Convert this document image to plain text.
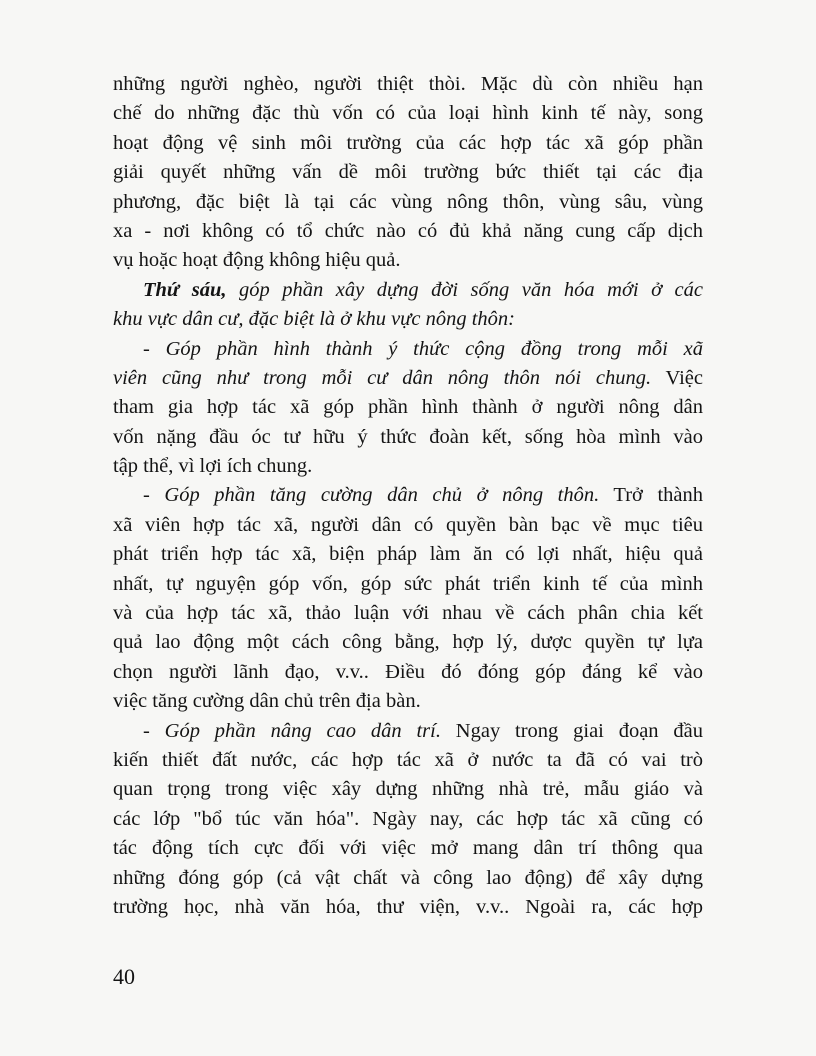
những người nghèo, người thiệt thòi. Mặc dù còn nhiều hạn
chế do những đặc thù vốn có của loại hình kinh tế này, song
hoạt động vệ sinh môi trường của các hợp tác xã góp phần
giải quyết những vấn dề môi trường bức thiết tại các địa
phương, đặc biệt là tại các vùng nông thôn, vùng sâu, vùng
xa - nơi không có tổ chức nào có đủ khả năng cung cấp dịch
vụ hoặc hoạt động không hiệu quả.
Thứ sáu, góp phần xây dựng đời sống văn hóa mới ở các
khu vực dân cư, đặc biệt là ở khu vực nông thôn:
- Góp phần hình thành ý thức cộng đồng trong mỗi xã
viên cũng như trong mỗi cư dân nông thôn nói chung. Việc
tham gia hợp tác xã góp phần hình thành ở người nông dân
vốn nặng đầu óc tư hữu ý thức đoàn kết, sống hòa mình vào
tập thể, vì lợi ích chung.
- Góp phần tăng cường dân chủ ở nông thôn. Trở thành
xã viên hợp tác xã, người dân có quyền bàn bạc về mục tiêu
phát triển hợp tác xã, biện pháp làm ăn có lợi nhất, hiệu quả
nhất, tự nguyện góp vốn, góp sức phát triển kinh tế của mình
và của hợp tác xã, thảo luận với nhau về cách phân chia kết
quả lao động một cách công bằng, hợp lý, dược quyền tự lựa
chọn người lãnh đạo, v.v.. Điều đó đóng góp đáng kể vào
việc tăng cường dân chủ trên địa bàn.
- Góp phần nâng cao dân trí. Ngay trong giai đoạn đầu
kiến thiết đất nước, các hợp tác xã ở nước ta đã có vai trò
quan trọng trong việc xây dựng những nhà trẻ, mẫu giáo và
các lớp "bổ túc văn hóa". Ngày nay, các hợp tác xã cũng có
tác động tích cực đối với việc mở mang dân trí thông qua
những đóng góp (cả vật chất và công lao động) để xây dựng
trường học, nhà văn hóa, thư viện, v.v.. Ngoài ra, các hợp
40
